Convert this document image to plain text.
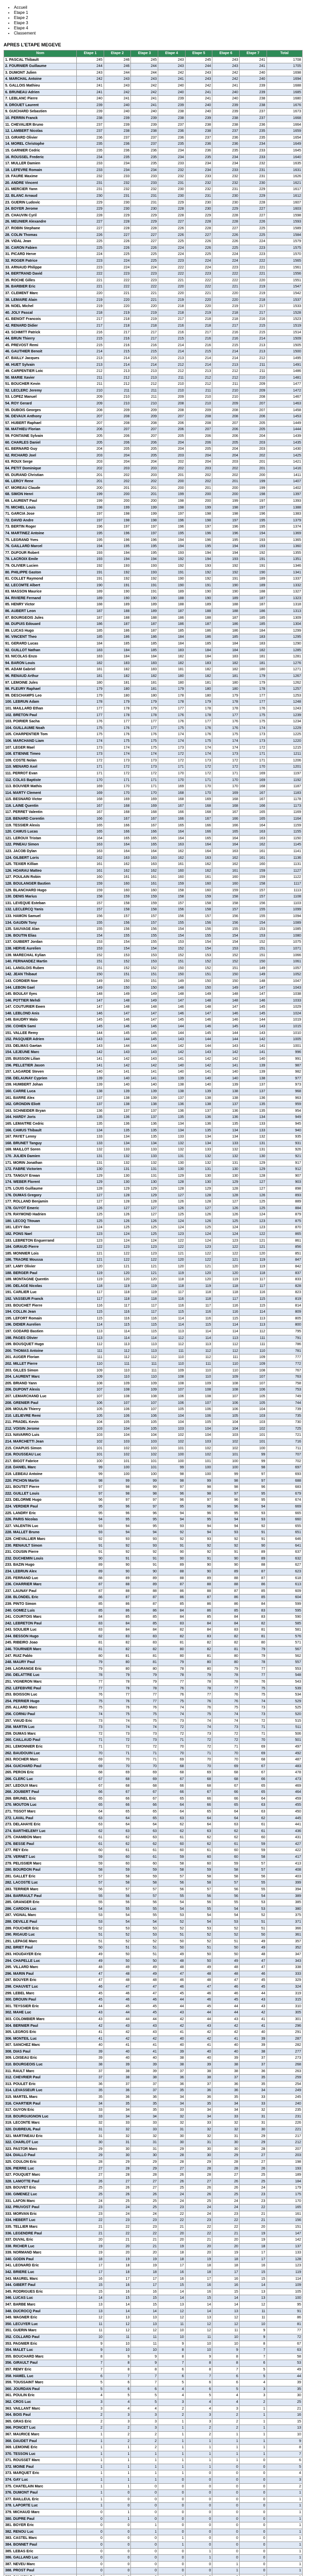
• Accueil
• Etape 1
• Etape 2
• Etape 3
• Etape 4
• Classement
APRES L'ETAPE MEGEVE
Nom	Etape 1	Etape 2	Etape 3	Etape 4	Etape 5	Etape 6	Etape 7	Total
1. PASCAL Thibault	245	246	245	243	245	243	241	1708
2. FOURNIER Guillaume	244	246	244	243	244	243	241	1705
3. DUMONT Julien	243	244	244	242	243	242	240	1698
4. MARCHAL Antoine	242	243	243	241	243	242	240	1694
5. GALLOIS Mathieu	241	243	242	240	242	241	239	1688
6. BRUNEAU Adrien	241	242	242	240	241	240	239	1685
7. LEBLANC Pierre	240	241	241	239	241	240	238	1680
8. DROUET Laurent	239	240	241	239	240	239	238	1676
9. GUICHARD Sebastien	239	240	240	238	240	239	237	1673
10. PERRIN Franck	238	239	239	238	239	238	237	1668
11. CHEVALIER Bruno	237	239	239	237	238	238	236	1664
12. LAMBERT Nicolas	237	238	238	236	238	237	235	1659
13. GIRARD Olivier	236	237	237	236	237	236	235	1654
14. MOREL Christophe	235	236	237	235	236	236	234	1649
15. GARNIER Cedric	235	236	236	234	236	235	233	1645
16. ROUSSEL Frederic	234	235	235	234	235	234	233	1640
17. MULLER Damien	233	234	235	233	234	234	232	1635
18. LEFEVRE Romain	233	234	234	232	234	233	231	1631
19. FAURE Maxime	232	233	233	232	233	232	231	1626
20. ANDRE Vincent	231	232	233	231	232	232	230	1621
21. MERCIER Yann	231	232	232	230	232	231	229	1617
22. BLANC Arnaud	230	231	231	230	231	230	229	1612
23. GUERIN Ludovic	229	230	231	229	230	230	228	1607
24. BOYER Jerome	229	230	230	228	230	229	227	1603
25. CHAUVIN Cyril	228	229	229	228	229	228	227	1598
26. MEUNIER Alexandre	227	228	229	227	228	228	226	1593
27. ROBIN Stephane	227	228	228	226	228	227	225	1589
28. COLIN Thomas	226	227	227	226	227	226	225	1584
29. VIDAL Jean	225	226	227	225	226	226	224	1579
30. CARON Fabien	225	226	226	224	226	225	223	1575
31. PICARD Herve	224	225	225	224	225	224	223	1570
32. ROGER Patrice	223	224	225	223	224	224	222	1565
33. ARNAUD Philippe	223	224	224	222	224	223	221	1561
34. BERTRAND David	222	223	223	222	223	222	221	1556
35. ROCHE Gilles	221	222	223	221	222	222	220	1551
36. BARBIER Eric	221	222	222	220	222	221	219	1547
37. CLEMENT Marc	220	221	221	220	221	220	219	1542
38. LEMAIRE Alain	219	220	221	219	220	220	218	1537
39. NOEL Michel	219	220	220	218	220	219	217	1533
40. JOLY Pascal	218	219	219	218	219	218	217	1528
41. BENOIT Francois	217	218	219	217	218	218	216	1523
42. RENARD Didier	217	218	218	216	218	217	215	1519
43. SCHMITT Patrick	216	217	217	216	217	216	215	1514
44. BRUN Thierry	215	216	217	215	216	216	214	1509
45. PREVOST Remi	215	216	216	214	216	215	213	1505
46. GAUTHIER Benoit	214	215	215	214	215	214	213	1500
47. BAILLY Jacques	213	214	215	213	214	214	212	1495
48. HUET Sylvain	213	214	214	212	214	213	211	1491
49. CARPENTIER Loic	212	213	213	212	213	212	211	1486
50. MARIE Xavier	211	212	213	211	212	212	210	1481
51. BOUCHER Kevin	211	212	212	210	212	211	209	1477
52. LECLERC Jeremy	210	211	211	210	211	210	209	1472
53. LOPEZ Manuel	209	210	211	209	210	210	208	1467
54. ROY Gerard	209	210	210	208	210	209	207	1463
55. DUBOIS Georges	208	209	209	208	209	208	207	1458
56. DEVAUX Anthony	207	208	209	207	208	208	206	1453
57. HUBERT Raphael	207	208	208	206	208	207	205	1449
58. MATHIEU Florian	206	207	207	206	207	206	205	1444
59. FONTAINE Sylvain	205	206	207	205	206	206	204	1439
60. CHARLES Daniel	205	206	206	204	206	205	203	1435
61. BERNARD Guy	204	205	205	204	205	204	203	1430
62. RICHARD Joel	203	204	205	203	204	204	202	1425
63. ROUX Serge	203	204	204	202	204	203	201	1421
64. PETIT Dominique	202	203	203	202	203	202	201	1416
65. DURAND Christian	201	202	203	201	202	202	200	1411
66. LEROY Rene	201	202	202	200	202	201	199	1407
67. MOREAU Claude	200	201	201	200	201	200	199	1402
68. SIMON Henri	199	200	201	199	200	200	198	1397
69. LAURENT Paul	199	200	200	198	200	199	197	1393
70. MICHEL Louis	198	199	199	198	199	198	197	1388
71. GARCIA Jose	197	198	199	197	198	198	196	1383
72. DAVID Andre	197	198	198	196	198	197	195	1379
73. BERTIN Roger	196	197	197	196	197	196	195	1374
74. MARTINEZ Antoine	195	196	197	195	196	196	194	1369
75. LEGRAND Yves	195	196	196	194	196	195	193	1365
76. GAILLARD Marcel	194	195	195	194	195	194	193	1360
77. DUFOUR Robert	193	194	195	193	194	194	192	1355
78. LACROIX Emile	193	194	194	192	194	193	191	1351
79. OLIVIER Lucien	192	193	193	192	193	192	191	1346
80. PHILIPPE Gaston	191	192	193	191	192	192	190	1341
81. COLLET Raymond	191	192	192	190	192	191	189	1337
82. LECOMTE Albert	190	191	191	190	191	190	189	1332
83. MASSON Maurice	189	190	191	189	190	190	188	1327
84. RIVIERE Fernand	189	190	190	188	190	189	187	1323
85. HENRY Victor	188	189	189	188	189	188	187	1318
86. AUBERT Leon	187	188	189	187	188	188	186	1313
87. BOURGEOIS Jules	187	188	188	186	188	187	185	1309
88. DUPUIS Edouard	186	187	187	186	187	186	185	1304
89. LUCAS Hugo	185	186	187	185	186	186	184	1299
90. VINCENT Theo	185	186	186	184	186	185	183	1295
91. GERARD Lucas	184	185	185	184	185	184	183	1290
92. GUILLOT Nathan	183	184	185	183	184	184	182	1285
93. NICOLAS Enzo	183	184	184	182	184	183	181	1281
94. BARON Louis	182	183	183	182	183	182	181	1276
95. ADAM Gabriel	181	182	183	181	182	182	180	1271
96. RENAUD Arthur	181	182	182	180	182	181	179	1267
97. LEMOINE Jules	180	181	181	180	181	180	179	1262
98. FLEURY Raphael	179	180	181	179	180	180	178	1257
99. DESCHAMPS Leo	179	180	180	178	180	179	177	1253
100. LEBRUN Adam	178	179	179	178	179	178	177	1248
101. MAILLARD Ethan	177	178	179	177	178	178	176	1243
102. BRETON Paul	177	178	178	176	178	177	175	1239
103. POIRIER Sacha	176	177	177	176	177	176	175	1234
104. GUILLAUME Noah	175	176	177	175	176	176	174	1229
105. CHARPENTIER Tom	175	176	176	174	176	175	173	1225
106. MARCHAND Liam	174	175	175	174	175	174	173	1220
107. LEGER Mael	173	174	175	173	174	174	172	1215
108. ETIENNE Timeo	173	174	174	172	174	173	171	1211
109. COSTE Nolan	172	173	173	172	173	172	171	1206
110. MENARD Axel	171	172	173	171	172	172	170	1201
111. PERROT Evan	171	172	172	170	172	171	169	1197
112. COLAS Baptiste	170	171	171	170	171	170	169	1192
113. BOUVIER Mathis	169	170	171	169	170	170	168	1187
114. MARTY Clement	169	170	170	168	170	169	167	1183
115. BESNARD Victor	168	169	169	168	169	168	167	1178
116. LAINE Quentin	167	168	169	167	168	168	166	1173
117. PERRET Valentin	167	168	168	166	168	167	165	1169
118. BENARD Corentin	166	167	167	166	167	166	165	1164
119. TESSIER Alexis	165	166	167	165	166	166	164	1159
120. CAMUS Lucas	165	166	166	164	166	165	163	1155
121. LEROUX Tristan	164	165	165	164	165	164	163	1150
122. PINEAU Simon	163	164	165	163	164	164	162	1145
123. JACOB Dylan	163	164	164	162	164	163	161	1141
124. GILBERT Loris	162	163	163	162	163	162	161	1136
125. TEXIER Killian	161	162	163	161	162	162	160	1131
126. HOARAU Matteo	161	162	162	160	162	161	159	1127
127. POULAIN Robin	160	161	161	160	161	160	159	1122
128. BOULANGER Bastien	159	160	161	159	160	160	158	1117
129. BLANCHARD Hugo	159	160	160	158	160	159	157	1113
130. DENIS Marius	158	159	159	158	159	158	157	1108
131. LEVEQUE Esteban	157	158	159	157	158	158	156	1103
132. LECLERCQ Yanis	157	158	158	156	158	157	155	1099
133. HAMON Samuel	156	157	157	156	157	156	155	1094
134. GAUDIN Tony	155	156	157	155	156	156	154	1089
135. SAUVAGE Alan	155	156	156	154	156	155	153	1085
136. BOUTIN Elias	154	155	155	154	155	154	153	1080
137. GUIBERT Jordan	153	154	155	153	154	154	152	1075
138. HERVE Aurelien	153	154	154	152	154	153	151	1071
139. MARECHAL Kylian	152	153	153	152	153	152	151	1066
140. FERNANDEZ Martin	151	152	153	151	152	152	150	1061
141. LANGLOIS Ruben	151	152	152	150	152	151	149	1057
142. JEAN Thibaut	150	151	151	150	151	150	149	1052
143. CORDIER Noe	149	150	151	149	150	150	148	1047
144. LEBON Gael	149	150	150	148	150	149	147	1043
145. BOULAY Ilyes	148	149	149	148	149	148	147	1038
146. POTTIER Mehdi	147	148	149	147	148	148	146	1033
147. COUTURIER Ewen	147	148	148	146	148	147	145	1029
148. LEBLOND Anis	146	147	147	146	147	146	145	1024
149. BAUDRY Malo	145	146	147	145	146	146	144	1019
150. COHEN Sami	145	146	146	144	146	145	143	1015
151. VALLEE Remy	144	145	145	144	145	144	143	1010
152. PASQUIER Adrien	143	144	145	143	144	144	142	1005
153. DELMAS Gaetan	143	144	144	142	144	143	141	1001
154. LEJEUNE Marc	142	143	143	142	143	142	141	996
155. BUISSON Lilian	141	142	143	141	142	142	140	991
156. PELLETIER Jason	141	142	142	140	142	141	139	987
157. LAGARDE Steven	140	141	141	140	141	140	139	982
158. DELAUNAY Cyprien	139	140	141	139	140	140	138	977
159. HUMBERT Johan	139	140	140	138	140	139	137	973
160. CARRE Luca	138	139	139	138	139	138	137	968
161. BARRE Alex	137	138	139	137	138	138	136	963
162. GRONDIN Eliott	137	138	138	136	138	137	135	959
163. SCHNEIDER Bryan	136	137	137	136	137	136	135	954
164. HARDY Joris	135	136	137	135	136	136	134	949
165. LEMAITRE Cedric	135	136	136	134	136	135	133	945
166. CAMUS Thibault	134	135	135	134	135	134	133	940
167. PAYET Lenny	133	134	135	133	134	134	132	935
168. BRUNET Tanguy	133	134	134	132	134	133	131	931
169. MAILLOT Soren	132	133	133	132	133	132	131	926
170. JULIEN Damien	131	132	133	131	132	132	130	921
171. MORIN Jonathan	131	132	132	130	132	131	129	917
172. FABRE Victorien	130	131	131	130	131	130	129	912
173. TANGUY Erwan	129	130	131	129	130	130	128	907
174. WEBER Florent	129	130	130	128	130	129	127	903
175. LOUIS Guillaume	128	129	129	128	129	128	127	898
176. DUMAS Gregory	127	128	129	127	128	128	126	893
177. ROLLAND Benjamin	127	128	128	126	128	127	125	889
178. GUYOT Emeric	126	127	127	126	127	126	125	884
179. RAYMOND Hadrien	125	126	127	125	126	126	124	879
180. LECOQ Titouan	125	126	126	124	126	125	123	875
181. LEVY Ilan	124	125	125	124	125	124	123	870
182. PONS Nael	123	124	125	123	124	124	122	865
183. LEBRETON Enguerrand	123	124	124	122	124	123	121	861
184. GIRAUD Pierre	122	123	123	122	123	122	121	856
185. MONNIER Lois	121	122	123	121	122	122	120	851
186. TRAORE Moussa	121	122	122	120	122	121	119	847
187. LAMY Olivier	120	121	121	120	121	120	119	842
188. BERGER Paul	119	120	121	119	120	120	118	837
189. MONTAGNE Quentin	119	120	120	118	120	119	117	833
190. DELAGE Nicolas	118	119	119	118	119	118	117	828
191. CARLIER Luc	117	118	119	117	118	118	116	823
192. VASSEUR Franck	117	118	118	116	118	117	115	819
193. BOUCHET Pierre	116	117	117	116	117	116	115	814
194. COLLIN Jean	115	116	117	115	116	116	114	809
195. LEFORT Romain	115	116	116	114	116	115	113	805
196. DIDIER Aurelien	114	115	115	114	115	114	113	800
197. GODARD Bastien	113	114	115	113	114	114	112	795
198. PAGES Olivier	113	114	114	112	114	113	111	791
199. BOUSQUET Hugo	112	113	113	112	113	112	111	786
200. THOMAS Antoine	111	112	113	111	112	112	110	781
201. AUGER Florian	111	112	112	110	112	111	109	777
202. MILLET Pierre	110	111	111	110	111	110	109	772
203. GILLES Simon	109	110	111	109	110	110	108	767
204. LAURENT Marc	109	110	110	108	110	109	107	763
205. BRIAND Yann	108	109	109	108	109	108	107	758
206. DUPONT Alexis	107	108	109	107	108	108	106	753
207. LEMARCHAND Luc	107	108	108	106	108	107	105	749
208. GRENIER Paul	106	107	107	106	107	106	105	744
209. MOULIN Thierry	105	106	107	105	106	106	104	739
210. LELIEVRE Remi	105	106	106	104	106	105	103	735
211. PRADEL Kevin	104	105	105	104	105	104	103	730
212. VOISIN Jerome	103	104	105	103	104	104	102	725
213. NAVARRO Luis	103	104	104	102	104	103	101	721
214. MARCHETTI Jean	102	103	103	102	103	102	101	716
215. CHAPUIS Simon	101	102	103	101	102	102	100	711
216. ROUSSEAU Luc	101	102	102	100	102	101	99	707
217. BIGOT Fabrice	100	101	101	100	101	100	99	702
218. DANIEL Marc	99	100	101	99	100	100	98	697
219. LEBEAU Antoine	99	100	100	98	100	99	97	693
220. PICHON Martin	98	99	99	98	99	98	97	688
221. BOUTET Pierre	97	98	99	97	98	98	96	683
222. GUILLET Louis	97	98	98	96	98	97	95	679
223. DELORME Hugo	96	97	97	96	97	96	95	674
224. VERDIER Paul	95	96	97	95	96	96	94	669
225. LANDRY Eric	95	96	96	94	96	95	93	665
226. PARIS Nicolas	94	95	95	94	95	94	93	660
227. VALENTIN Luc	93	94	95	93	94	94	92	655
228. MALLET Bruno	93	94	94	92	94	93	91	651
229. CHEVALLIER Marc	92	93	93	92	93	92	91	646
230. RENAULT Simon	91	92	93	91	92	92	90	641
231. COUSIN Pierre	91	92	92	90	92	91	89	637
232. DUCHEMIN Louis	90	91	91	90	91	90	89	632
233. BAZIN Hugo	89	90	91	89	90	90	88	627
234. LEBRUN Alex	89	90	90	88	90	89	87	623
235. FERRAND Luc	88	89	89	88	89	88	87	618
236. CHARRIER Marc	87	88	89	87	88	88	86	613
237. LAUNAY Paul	87	88	88	86	88	87	85	609
238. BLONDEL Eric	86	87	87	86	87	86	85	604
239. PINTO Simon	85	86	87	85	86	86	84	599
240. GOMEZ Luis	85	86	86	84	86	85	83	595
241. COURTOIS Marc	84	85	85	84	85	84	83	590
242. LEBRETON Paul	83	84	85	83	84	84	82	585
243. SOULIER Luc	83	84	84	82	84	83	81	581
244. BESSON Hugo	82	83	83	82	83	82	81	576
245. RIBEIRO Joao	81	82	83	81	82	82	80	571
246. TOURNIER Marc	81	82	82	80	82	81	79	567
247. RUIZ Pablo	80	81	81	80	81	80	79	562
248. MAURY Paul	79	80	81	79	80	80	78	557
249. LAGRANGE Eric	79	80	80	78	80	79	77	553
250. DELATTRE Luc	78	79	79	78	79	78	77	548
251. VIGNERON Marc	77	78	79	77	78	78	76	543
252. LEFEBVRE Paul	77	78	78	76	78	77	75	539
253. BOISSON Luc	76	77	77	76	77	76	75	534
254. PERRIER Hugo	75	76	77	75	76	76	74	529
255. ALLARD Marc	75	76	76	74	76	75	73	525
256. CORNU Paul	74	75	75	74	75	74	73	520
257. VIAUD Eric	73	74	75	73	74	74	72	515
258. MARTIN Luc	73	74	74	72	74	73	71	511
259. DUMAS Marc	72	73	73	72	73	72	71	506
260. CAILLAUD Paul	71	72	73	71	72	72	70	501
261. LEMONNIER Eric	71	72	72	70	72	71	69	497
262. BAUDOUIN Luc	70	71	71	70	71	70	69	492
263. ROCHER Marc	69	70	71	69	70	70	68	487
264. GUICHARD Paul	69	70	70	68	70	69	67	483
265. PERON Eric	68	69	69	68	69	68	67	478
266. CLERC Luc	67	68	69	67	68	68	66	473
267. LEDOUX Marc	67	68	68	66	68	67	65	469
268. JOUBERT Paul	66	67	67	66	67	66	65	464
269. BRUNEL Eric	65	66	67	65	66	66	64	459
270. MOUTON Luc	65	66	66	64	66	65	63	455
271. TISSOT Marc	64	65	65	64	65	64	63	450
272. LAVAL Paul	63	64	65	63	64	64	62	445
273. DELAHAYE Eric	63	64	64	62	64	63	61	441
274. BARTHELEMY Luc	62	63	63	62	63	62	61	436
275. CHAMBON Marc	61	62	63	61	62	62	60	431
276. BESSE Paul	61	62	62	60	62	61	59	427
277. REY Eric	60	61	61	60	61	60	59	422
278. VERNET Luc	59	60	61	59	60	60	58	417
279. PELISSIER Marc	59	60	60	58	60	59	57	413
280. BOURDON Paul	58	59	59	58	59	58	57	408
281. GALLET Eric	57	58	59	57	58	58	56	403
282. LACOSTE Luc	57	58	58	56	58	57	55	399
283. TERRIER Marc	56	57	57	56	57	56	55	394
284. BARRAULT Paul	55	56	57	55	56	56	54	389
285. GRANGER Eric	55	56	56	54	56	55	53	385
286. CARDON Luc	54	55	55	54	55	54	53	380
287. VIGNAL Marc	53	54	55	53	54	54	52	375
288. DEVILLE Paul	53	54	54	52	54	53	51	371
289. FOUCHER Eric	52	53	53	52	53	52	51	366
290. RIGAUD Luc	51	52	53	51	52	52	50	361
291. LEPAGE Marc	51	52	52	50	52	51	49	357
292. BRIET Paul	50	51	51	50	51	50	49	352
293. HOUDAYER Eric	49	50	51	49	50	50	48	347
294. CHAPELLE Luc	49	50	50	48	50	49	47	343
295. VILLARD Marc	48	49	49	48	49	48	47	338
296. MARIN Paul	47	48	49	47	48	48	46	333
297. BOUYER Eric	47	48	48	46	48	47	45	329
298. CHAUVET Luc	46	47	47	46	47	46	45	324
299. LEBEL Marc	45	46	47	45	46	46	44	319
300. DROUIN Paul	45	46	46	44	46	45	43	315
301. TEYSSIER Eric	44	45	45	44	45	44	43	310
302. MAHE Luc	43	44	45	43	44	44	42	305
303. COLOMBIER Marc	43	44	44	42	44	43	41	301
304. BERNIER Paul	42	43	43	42	43	42	41	296
305. LEGROS Eric	41	42	43	41	42	42	40	291
306. MONTEIL Luc	41	42	42	40	42	41	39	287
307. SANCHEZ Marc	40	41	41	40	41	40	39	282
308. DIAS Paul	39	40	41	39	40	40	38	277
309. LOISEAU Eric	39	40	40	38	40	39	37	273
310. BOURGEOIS Luc	38	39	39	38	39	38	37	268
311. RAULT Marc	37	38	39	37	38	38	36	263
312. CHEVRIER Paul	37	38	38	36	38	37	35	259
313. POULET Eric	36	37	37	36	37	36	35	254
314. LEVASSEUR Luc	35	36	37	35	36	36	34	249
315. MARTEL Marc	35	36	36	34	36	35	33	245
316. CHARTIER Paul	34	35	35	34	35	34	33	240
317. GUYON Eric	33	34	35	33	34	34	32	235
318. BOURGUIGNON Luc	33	34	34	32	34	33	31	231
319. LECONTE Marc	32	33	33	32	33	32	31	226
320. DUBREUIL Paul	31	32	33	31	32	32	30	221
321. MARTINEAU Eric	31	32	32	30	32	31	29	217
322. CHARLOT Luc	30	31	31	30	31	30	29	212
323. PASTOR Marc	29	30	31	29	30	30	28	207
324. DIALLO Paul	29	30	30	28	30	29	27	203
325. COULON Eric	28	29	29	28	29	28	27	198
326. PIERRE Luc	27	28	29	27	28	28	26	193
327. FOUQUET Marc	27	28	28	26	28	27	25	189
328. LAMOTTE Paul	26	27	27	26	27	26	25	184
329. BOUVET Eric	25	26	27	25	26	26	24	179
330. GIMENEZ Luc	25	26	26	24	26	25	23	175
331. LAFON Marc	24	25	25	24	25	24	23	170
332. PRUVOST Paul	23	24	25	23	24	24	22	165
333. MORVAN Eric	23	24	24	22	24	23	21	161
334. HEBERT Luc	22	23	23	22	23	22	21	156
335. TELLIER Marc	21	22	23	21	22	22	20	151
336. LEGENDRE Paul	21	22	22	20	22	21	19	147
337. DUVAL Eric	20	21	21	20	21	20	19	142
338. RICHER Luc	19	20	21	19	20	20	18	137
339. NORMAND Marc	19	20	20	18	20	19	17	133
340. GODIN Paul	18	19	19	18	19	18	17	128
341. LEONARD Eric	17	18	19	17	18	18	16	123
342. BRIERE Luc	17	18	18	16	18	17	15	119
343. MAUREL Marc	16	17	17	16	17	16	15	114
344. GIBERT Paul	15	16	17	15	16	16	14	109
345. RODRIGUES Eric	15	16	16	14	16	15	13	105
346. LUCAS Luc	14	15	15	14	15	14	13	100
347. BARBE Marc	13	14	15	13	14	14	12	95
348. DUCROCQ Paul	13	14	14	12	14	13	11	91
349. WAGNER Eric	12	13	13	12	13	12	11	86
350. LECUYER Luc	11	12	13	11	12	12	10	81
351. GUERIN Marc	11	12	12	10	12	11	9	77
352. COLLARD Paul	10	11	11	10	11	10	9	72
353. PAGNIER Eric	9	10	11	9	10	10	8	67
354. MALET Luc	9	10	10	8	10	9	7	63
355. BOUCHARD Marc	8	9	9	8	9	8	7	58
356. GIRAULT Paul	7	8	9	7	8	8	6	53
357. REMY Eric	7	8	8	6	8	7	5	49
358. HAMEL Luc	6	7	7	6	7	6	5	44
359. TOUSSAINT Marc	5	6	7	5	6	6	4	39
360. JOURDAN Paul	5	6	6	4	6	5	3	35
361. POULIN Eric	4	5	5	4	5	4	3	30
362. CROS Luc	3	4	5	3	4	4	2	25
363. VAILLANT Marc	3	4	4	2	4	3	1	21
364. BOIS Paul	2	3	3	2	3	2	1	16
365. GRAS Eric	2	3	3	1	3	2	1	15
366. PONCET Luc	2	2	3	1	2	2	1	13
367. MAURICE Marc	1	2	2	1	2	1	1	10
368. DAUDET Paul	1	2	2	1	1	1	1	9
369. LEMOINE Eric	1	1	2	1	1	1	1	8
370. TESSON Luc	1	1	1	1	1	1	1	7
371. ROUSSET Marc	1	1	1	1	1	1	0	6
372. MOINE Paul	1	1	1	1	1	0	0	5
373. MARQUET Eric	1	1	1	1	0	0	0	4
374. GAY Luc	1	1	1	0	0	0	0	3
375. CHATELAIN Marc	1	1	0	0	0	0	0	2
376. DUMONT Paul	1	0	0	0	0	0	0	1
377. BAILLEUL Eric	1	0	0	0	0	0	0	1
378. LAPORTE Luc	1	0	0	0	0	0	0	1
379. MICHAUD Marc	0	1	0	0	0	0	0	1
380. DUPRE Paul	0	1	0	0	0	0	0	1
381. BOYER Eric	0	0	1	0	0	0	0	1
382. RENOU Luc	0	0	1	0	0	0	0	1
383. CASTEL Marc	0	0	0	1	0	0	0	1
384. BONNET Paul	0	0	0	1	0	0	0	1
385. LEBAS Eric	0	0	0	0	1	0	0	1
386. GALLAND Luc	0	0	0	0	1	0	0	1
387. NEVEU Marc	0	0	0	0	0	1	0	1
388. PROST Paul	0	0	0	0	0	1	0	1
